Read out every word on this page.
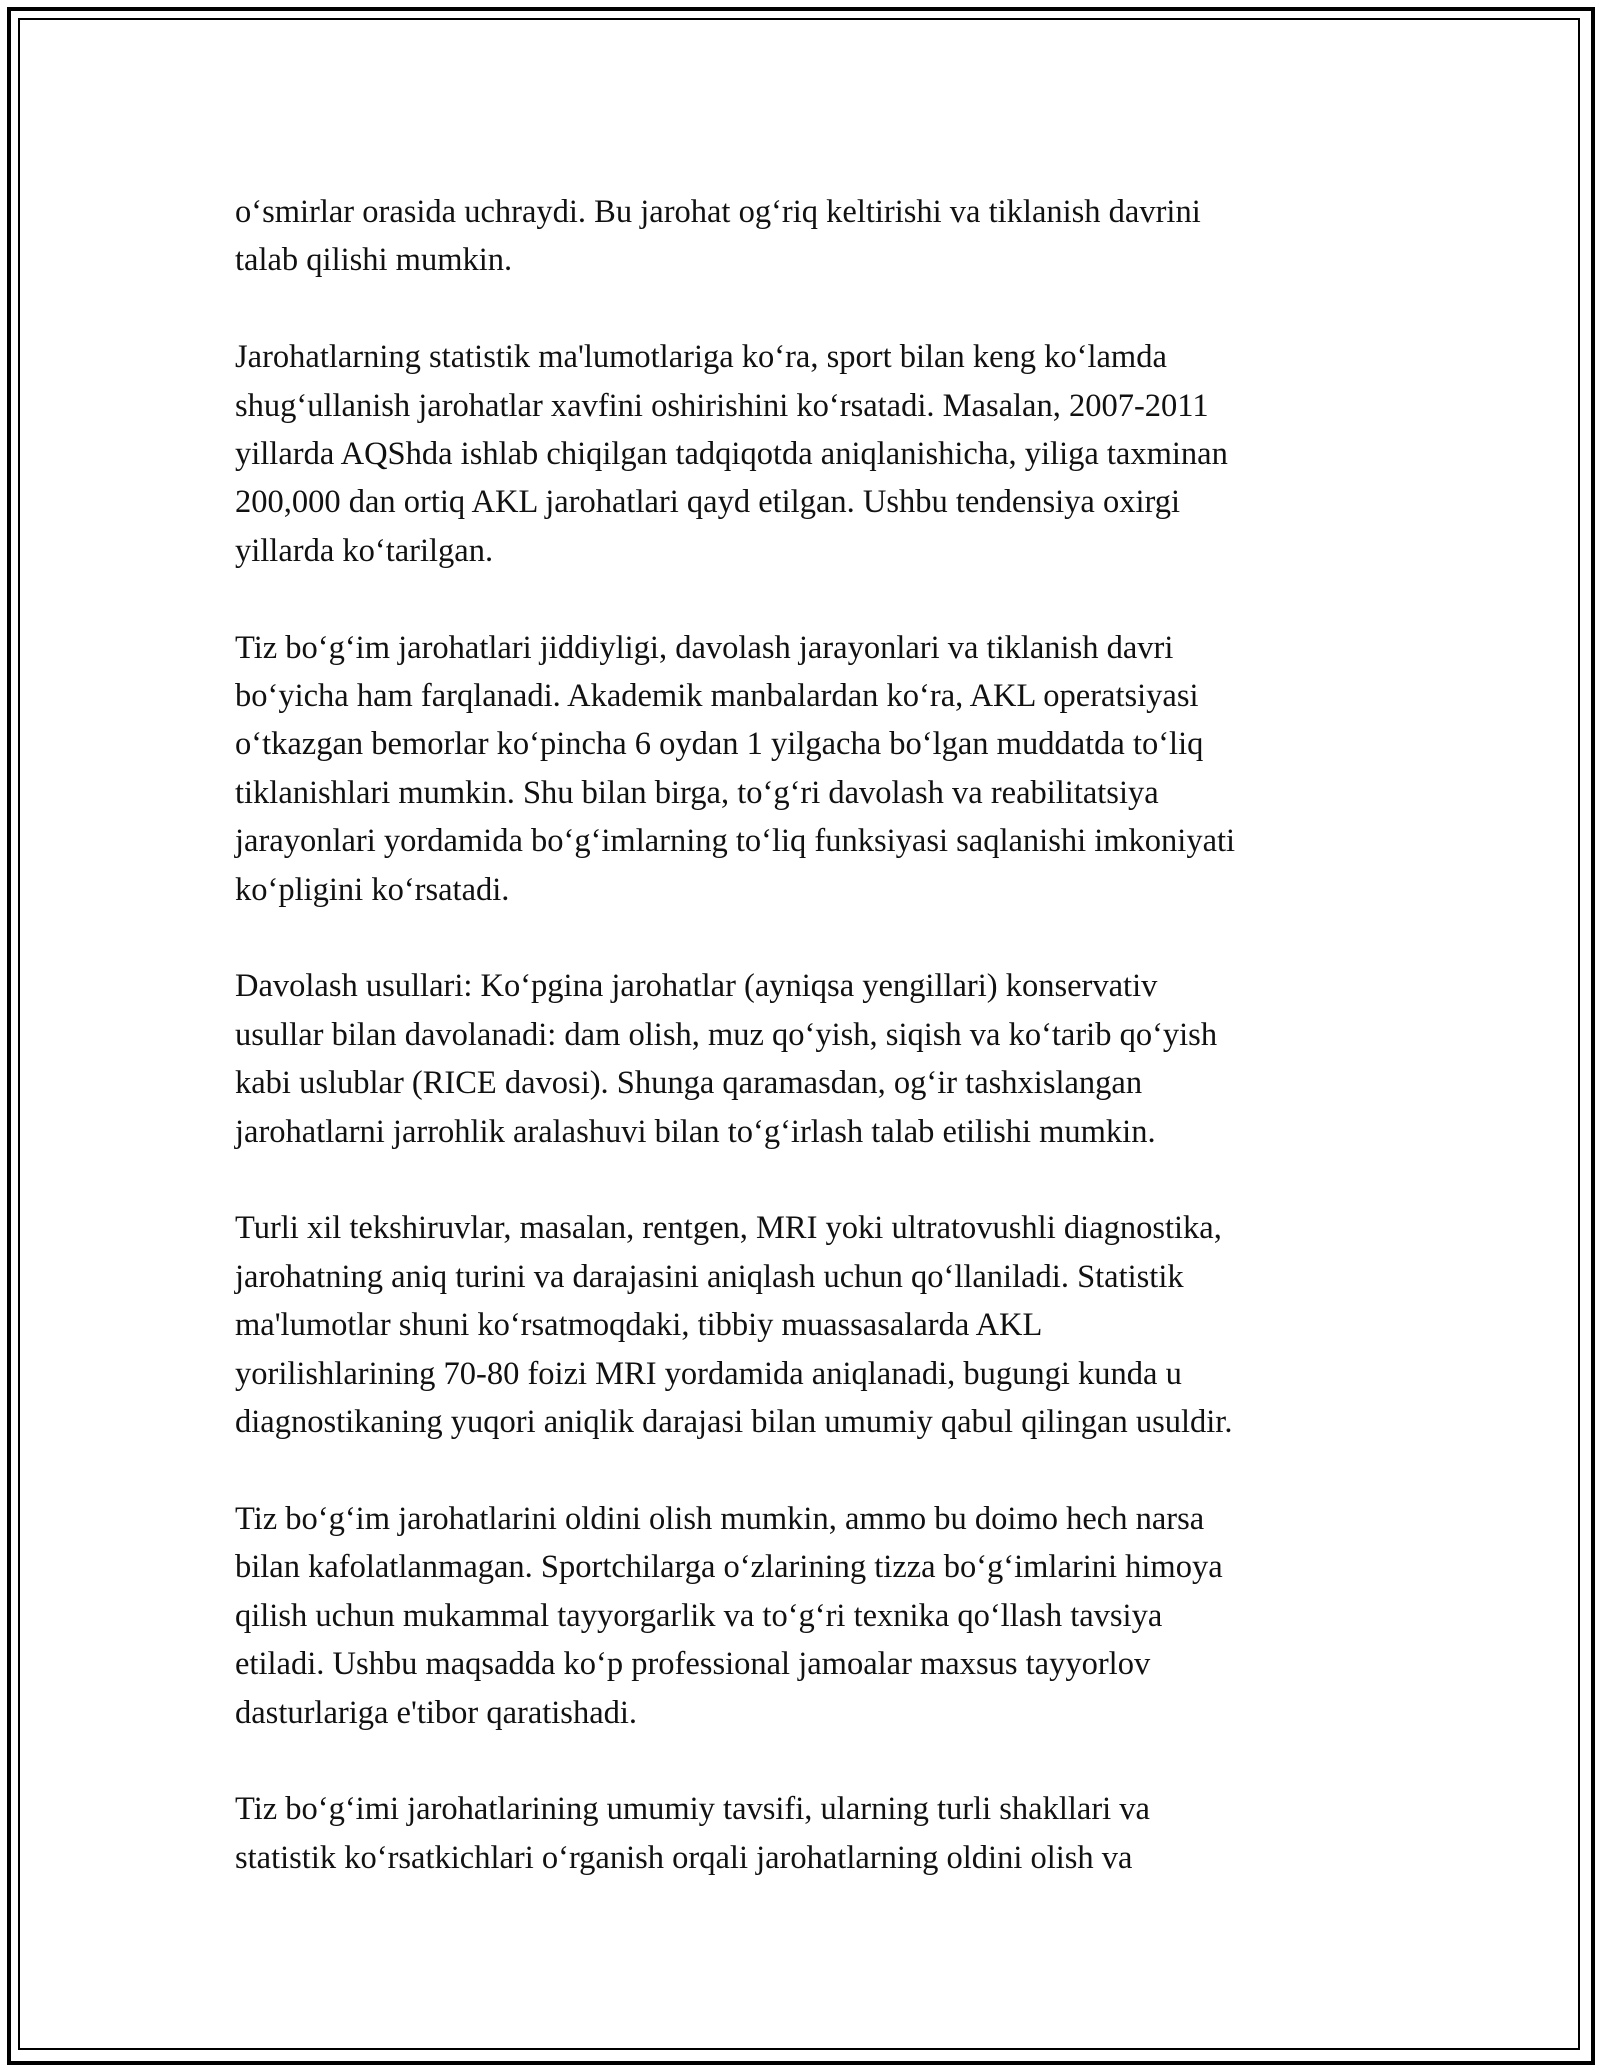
oʻsmirlar orasida uchraydi. Bu jarohat ogʻriq keltirishi va tiklanish davrini
talab qilishi mumkin.

Jarohatlarning statistik ma'lumotlariga koʻra, sport bilan keng koʻlamda
shugʻullanish jarohatlar xavfini oshirishini koʻrsatadi. Masalan, 2007-2011
yillarda AQShda ishlab chiqilgan tadqiqotda aniqlanishicha, yiliga taxminan
200,000 dan ortiq AKL jarohatlari qayd etilgan. Ushbu tendensiya oxirgi
yillarda koʻtarilgan.

Tiz boʻgʻim jarohatlari jiddiyligi, davolash jarayonlari va tiklanish davri
boʻyicha ham farqlanadi. Akademik manbalardan koʻra, AKL operatsiyasi
oʻtkazgan bemorlar koʻpincha 6 oydan 1 yilgacha boʻlgan muddatda toʻliq
tiklanishlari mumkin. Shu bilan birga, toʻgʻri davolash va reabilitatsiya
jarayonlari yordamida boʻgʻimlarning toʻliq funksiyasi saqlanishi imkoniyati
koʻpligini koʻrsatadi.

Davolash usullari: Koʻpgina jarohatlar (ayniqsa yengillari) konservativ
usullar bilan davolanadi: dam olish, muz qoʻyish, siqish va koʻtarib qoʻyish
kabi uslublar (RICE davosi). Shunga qaramasdan, ogʻir tashxislangan
jarohatlarni jarrohlik aralashuvi bilan toʻgʻirlash talab etilishi mumkin.

Turli xil tekshiruvlar, masalan, rentgen, MRI yoki ultratovushli diagnostika,
jarohatning aniq turini va darajasini aniqlash uchun qoʻllaniladi. Statistik
ma'lumotlar shuni koʻrsatmoqdaki, tibbiy muassasalarda AKL
yorilishlarining 70-80 foizi MRI yordamida aniqlanadi, bugungi kunda u
diagnostikaning yuqori aniqlik darajasi bilan umumiy qabul qilingan usuldir.

Tiz boʻgʻim jarohatlarini oldini olish mumkin, ammo bu doimo hech narsa
bilan kafolatlanmagan. Sportchilarga oʻzlarining tizza boʻgʻimlarini himoya
qilish uchun mukammal tayyorgarlik va toʻgʻri texnika qoʻllash tavsiya
etiladi. Ushbu maqsadda koʻp professional jamoalar maxsus tayyorlov
dasturlariga e'tibor qaratishadi.

Tiz boʻgʻimi jarohatlarining umumiy tavsifi, ularning turli shakllari va
statistik koʻrsatkichlari oʻrganish orqali jarohatlarning oldini olish va
